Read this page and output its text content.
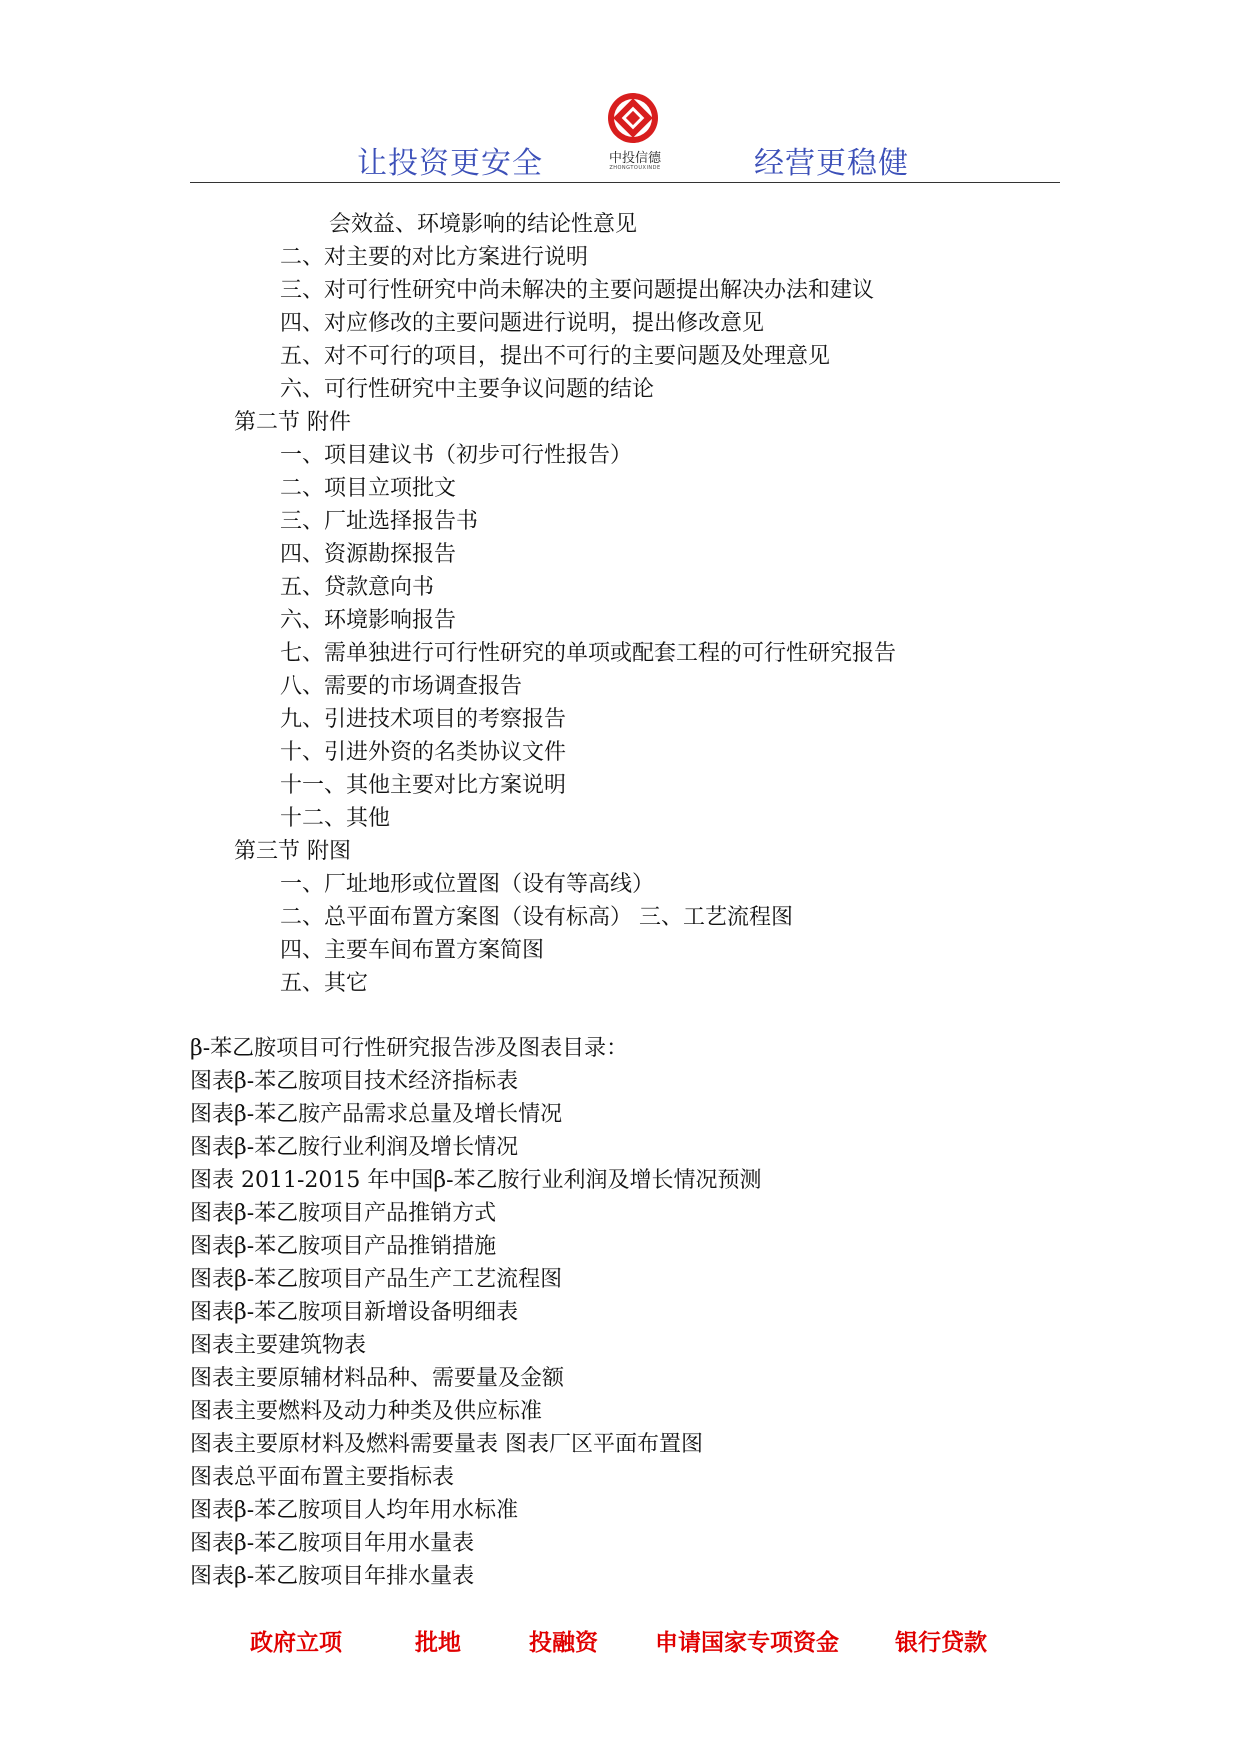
中投信德
ZHONGTOUXINDE
让投资更安全	经营更稳健
会效益、环境影响的结论性意见
二、对主要的对比方案进行说明
三、对可行性研究中尚未解决的主要问题提出解决办法和建议
四、对应修改的主要问题进行说明，提出修改意见
五、对不可行的项目，提出不可行的主要问题及处理意见
六、可行性研究中主要争议问题的结论
第二节 附件
一、项目建议书（初步可行性报告）
二、项目立项批文
三、厂址选择报告书
四、资源勘探报告
五、贷款意向书
六、环境影响报告
七、需单独进行可行性研究的单项或配套工程的可行性研究报告
八、需要的市场调查报告
九、引进技术项目的考察报告
十、引进外资的名类协议文件
十一、其他主要对比方案说明
十二、其他
第三节 附图
一、厂址地形或位置图（设有等高线）
二、总平面布置方案图（设有标高） 三、工艺流程图
四、主要车间布置方案简图
五、其它
β-苯乙胺项目可行性研究报告涉及图表目录：
图表β-苯乙胺项目技术经济指标表
图表β-苯乙胺产品需求总量及增长情况
图表β-苯乙胺行业利润及增长情况
图表 2011-2015 年中国β-苯乙胺行业利润及增长情况预测
图表β-苯乙胺项目产品推销方式
图表β-苯乙胺项目产品推销措施
图表β-苯乙胺项目产品生产工艺流程图
图表β-苯乙胺项目新增设备明细表
图表主要建筑物表
图表主要原辅材料品种、需要量及金额
图表主要燃料及动力种类及供应标准
图表主要原材料及燃料需要量表 图表厂区平面布置图
图表总平面布置主要指标表
图表β-苯乙胺项目人均年用水标准
图表β-苯乙胺项目年用水量表
图表β-苯乙胺项目年排水量表
政府立项	批地	投融资 申请国家专项资金 银行贷款
